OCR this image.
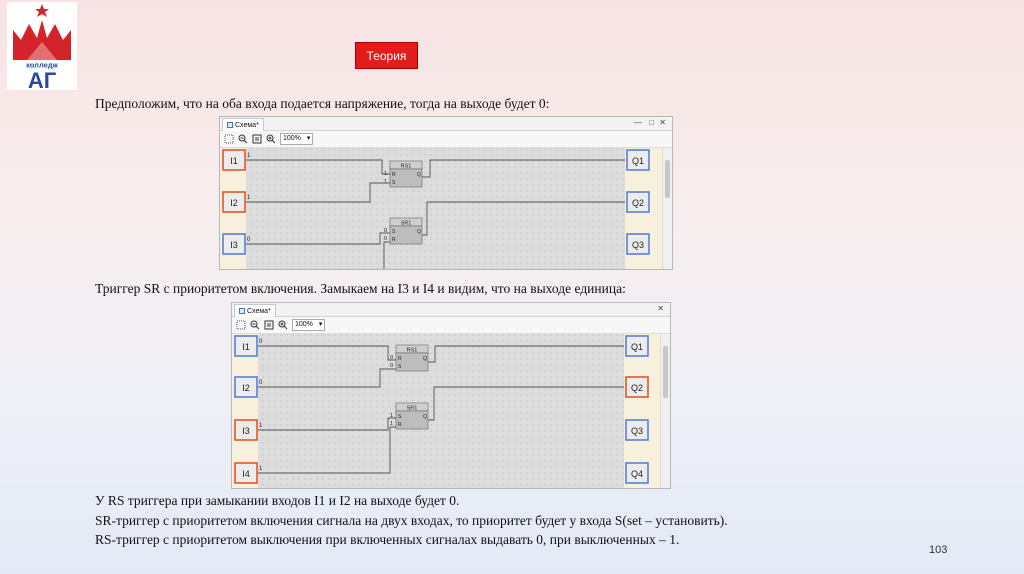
колледж
АГ
Теория
Предположим, что на оба входа подается напряжение, тогда на выходе будет 0:
Схема*	— □ ✕
100% ▾
I1 1
I2 1
I3 0
Q1
Q2
Q3
RS1
R
1
S
1
Q
SR1
S
0
R
0
Q
Триггер SR с приоритетом включения. Замыкаем на I3 и I4 и видим, что на выходе единица:
Схема*	✕
100% ▾
I1 0
I2 0
I3 1
I4 1
Q1
Q2
Q3
Q4
RS1
R
0
S
0
Q
SR1
S
1
R
1
Q
У RS триггера при замыкании входов I1 и I2 на выходе будет 0.
SR-триггер с приоритетом включения сигнала на двух входах, то приоритет будет у входа S(set – установить).
RS-триггер с приоритетом выключения при включенных сигналах выдавать 0, при выключенных – 1.
103
